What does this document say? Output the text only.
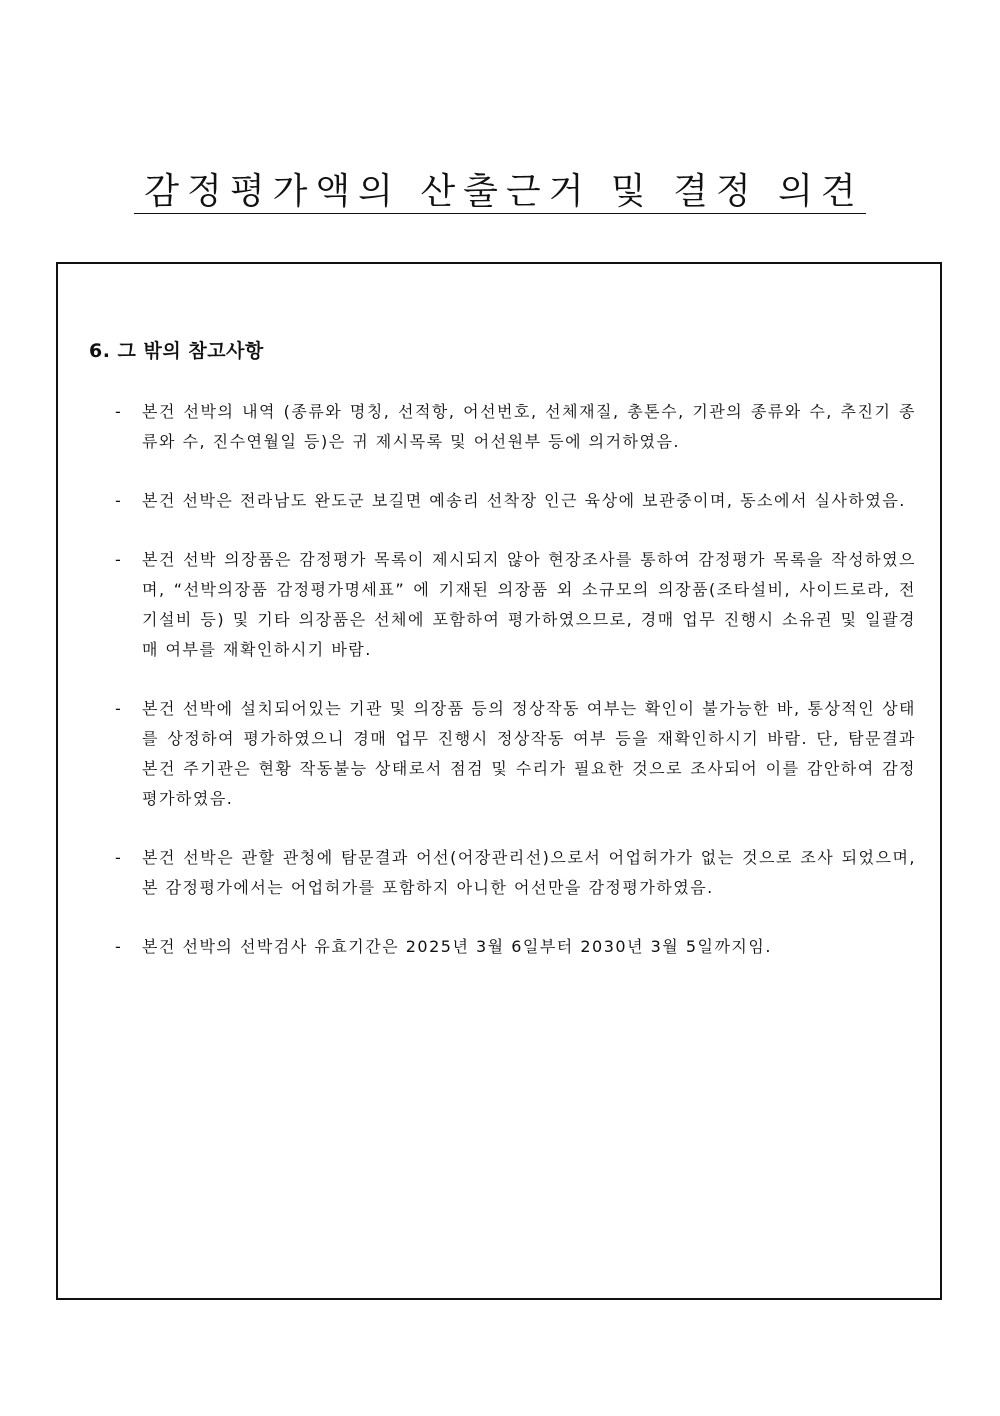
감정평가액의 산출근거 및 결정 의견
6. 그 밖의 참고사항
- 본건 선박의 내역 (종류와 명칭, 선적항, 어선번호, 선체재질, 총톤수, 기관의 종류와 수, 추진기 종류와 수, 진수연월일 등)은 귀 제시목록 및 어선원부 등에 의거하였음.
- 본건 선박은 전라남도 완도군 보길면 예송리 선착장 인근 육상에 보관중이며, 동소에서 실사하였음.
- 본건 선박 의장품은 감정평가 목록이 제시되지 않아 현장조사를 통하여 감정평가 목록을 작성하였으며, “선박의장품 감정평가명세표” 에 기재된 의장품 외 소규모의 의장품(조타설비, 사이드로라, 전기설비 등) 및 기타 의장품은 선체에 포함하여 평가하였으므로, 경매 업무 진행시 소유권 및 일괄경매 여부를 재확인하시기 바람.
- 본건 선박에 설치되어있는 기관 및 의장품 등의 정상작동 여부는 확인이 불가능한 바, 통상적인 상태를 상정하여 평가하였으니 경매 업무 진행시 정상작동 여부 등을 재확인하시기 바람. 단, 탐문결과 본건 주기관은 현황 작동불능 상태로서 점검 및 수리가 필요한 것으로 조사되어 이를 감안하여 감정평가하였음.
- 본건 선박은 관할 관청에 탐문결과 어선(어장관리선)으로서 어업허가가 없는 것으로 조사 되었으며, 본 감정평가에서는 어업허가를 포함하지 아니한 어선만을 감정평가하였음.
- 본건 선박의 선박검사 유효기간은 2025년 3월 6일부터 2030년 3월 5일까지임.
